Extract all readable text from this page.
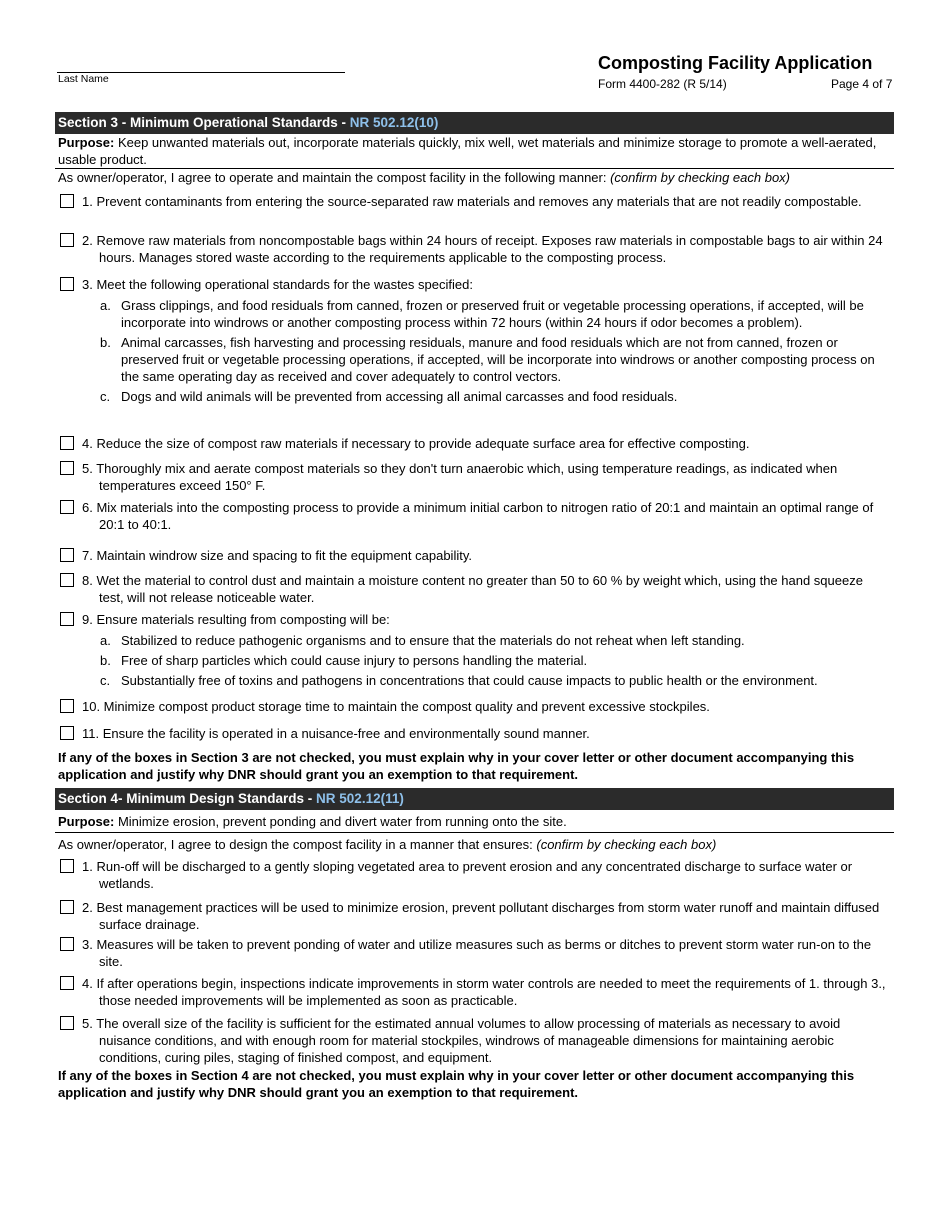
Last Name
Composting Facility Application
Form 4400-282 (R 5/14)	Page 4 of 7
Section 3 - Minimum Operational Standards - NR 502.12(10)
Purpose: Keep unwanted materials out, incorporate materials quickly, mix well, wet materials and minimize storage to promote a well-aerated, usable product.
As owner/operator, I agree to operate and maintain the compost facility in the following manner: (confirm by checking each box)
1. Prevent contaminants from entering the source-separated raw materials and removes any materials that are not readily compostable.
2. Remove raw materials from noncompostable bags within 24 hours of receipt. Exposes raw materials in compostable bags to air within 24 hours. Manages stored waste according to the requirements applicable to the composting process.
3. Meet the following operational standards for the wastes specified:
a. Grass clippings, and food residuals from canned, frozen or preserved fruit or vegetable processing operations, if accepted, will be incorporate into windrows or another composting process within 72 hours (within 24 hours if odor becomes a problem).
b. Animal carcasses, fish harvesting and processing residuals, manure and food residuals which are not from canned, frozen or preserved fruit or vegetable processing operations, if accepted, will be incorporate into windrows or another composting process on the same operating day as received and cover adequately to control vectors.
c. Dogs and wild animals will be prevented from accessing all animal carcasses and food residuals.
4. Reduce the size of compost raw materials if necessary to provide adequate surface area for effective composting.
5. Thoroughly mix and aerate compost materials so they don't turn anaerobic which, using temperature readings, as indicated when temperatures exceed 150° F.
6. Mix materials into the composting process to provide a minimum initial carbon to nitrogen ratio of 20:1 and maintain an optimal range of 20:1 to 40:1.
7. Maintain windrow size and spacing to fit the equipment capability.
8. Wet the material to control dust and maintain a moisture content no greater than 50 to 60 % by weight which, using the hand squeeze test, will not release noticeable water.
9. Ensure materials resulting from composting will be:
a. Stabilized to reduce pathogenic organisms and to ensure that the materials do not reheat when left standing.
b. Free of sharp particles which could cause injury to persons handling the material.
c. Substantially free of toxins and pathogens in concentrations that could cause impacts to public health or the environment.
10. Minimize compost product storage time to maintain the compost quality and prevent excessive stockpiles.
11. Ensure the facility is operated in a nuisance-free and environmentally sound manner.
If any of the boxes in Section 3 are not checked, you must explain why in your cover letter or other document accompanying this application and justify why DNR should grant you an exemption to that requirement.
Section 4- Minimum Design Standards - NR 502.12(11)
Purpose: Minimize erosion, prevent ponding and divert water from running onto the site.
As owner/operator, I agree to design the compost facility in a manner that ensures: (confirm by checking each box)
1. Run-off will be discharged to a gently sloping vegetated area to prevent erosion and any concentrated discharge to surface water or wetlands.
2. Best management practices will be used to minimize erosion, prevent pollutant discharges from storm water runoff and maintain diffused surface drainage.
3. Measures will be taken to prevent ponding of water and utilize measures such as berms or ditches to prevent storm water run-on to the site.
4. If after operations begin, inspections indicate improvements in storm water controls are needed to meet the requirements of 1. through 3., those needed improvements will be implemented as soon as practicable.
5. The overall size of the facility is sufficient for the estimated annual volumes to allow processing of materials as necessary to avoid nuisance conditions, and with enough room for material stockpiles, windrows of manageable dimensions for maintaining aerobic conditions, curing piles, staging of finished compost, and equipment.
If any of the boxes in Section 4 are not checked, you must explain why in your cover letter or other document accompanying this application and justify why DNR should grant you an exemption to that requirement.
